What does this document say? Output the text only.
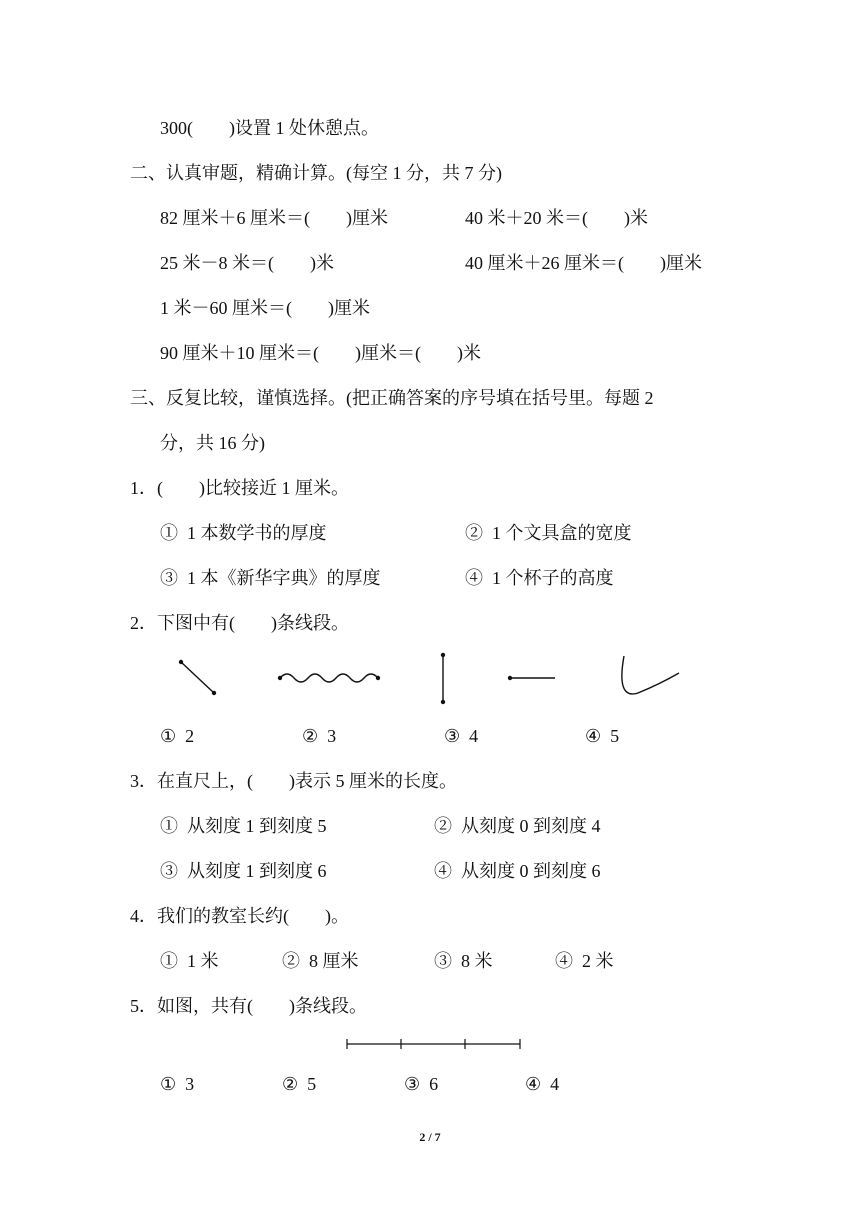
300(　　)设置 1 处休憩点。
二、认真审题，精确计算。(每空 1 分，共 7 分)
82 厘米＋6 厘米＝(　　)厘米	40 米＋20 米＝(　　)米
25 米－8 米＝(　　)米	40 厘米＋26 厘米＝(　　)厘米
1 米－60 厘米＝(　　)厘米
90 厘米＋10 厘米＝(　　)厘米＝(　　)米
三、反复比较，谨慎选择。(把正确答案的序号填在括号里。每题 2
分，共 16 分)
1．(　　)比较接近 1 厘米。
①  1 本数学书的厚度	②  1 个文具盒的宽度
③  1 本《新华字典》的厚度	④  1 个杯子的高度
2．下图中有(　　)条线段。
①  2	②  3	③  4	④  5
3．在直尺上，(　　)表示 5 厘米的长度。
①  从刻度 1 到刻度 5	②  从刻度 0 到刻度 4
③  从刻度 1 到刻度 6	④  从刻度 0 到刻度 6
4．我们的教室长约(　　)。
①  1 米	②  8 厘米	③  8 米	④  2 米
5．如图，共有(　　)条线段。
①  3	②  5	③  6	④  4
2 / 7
